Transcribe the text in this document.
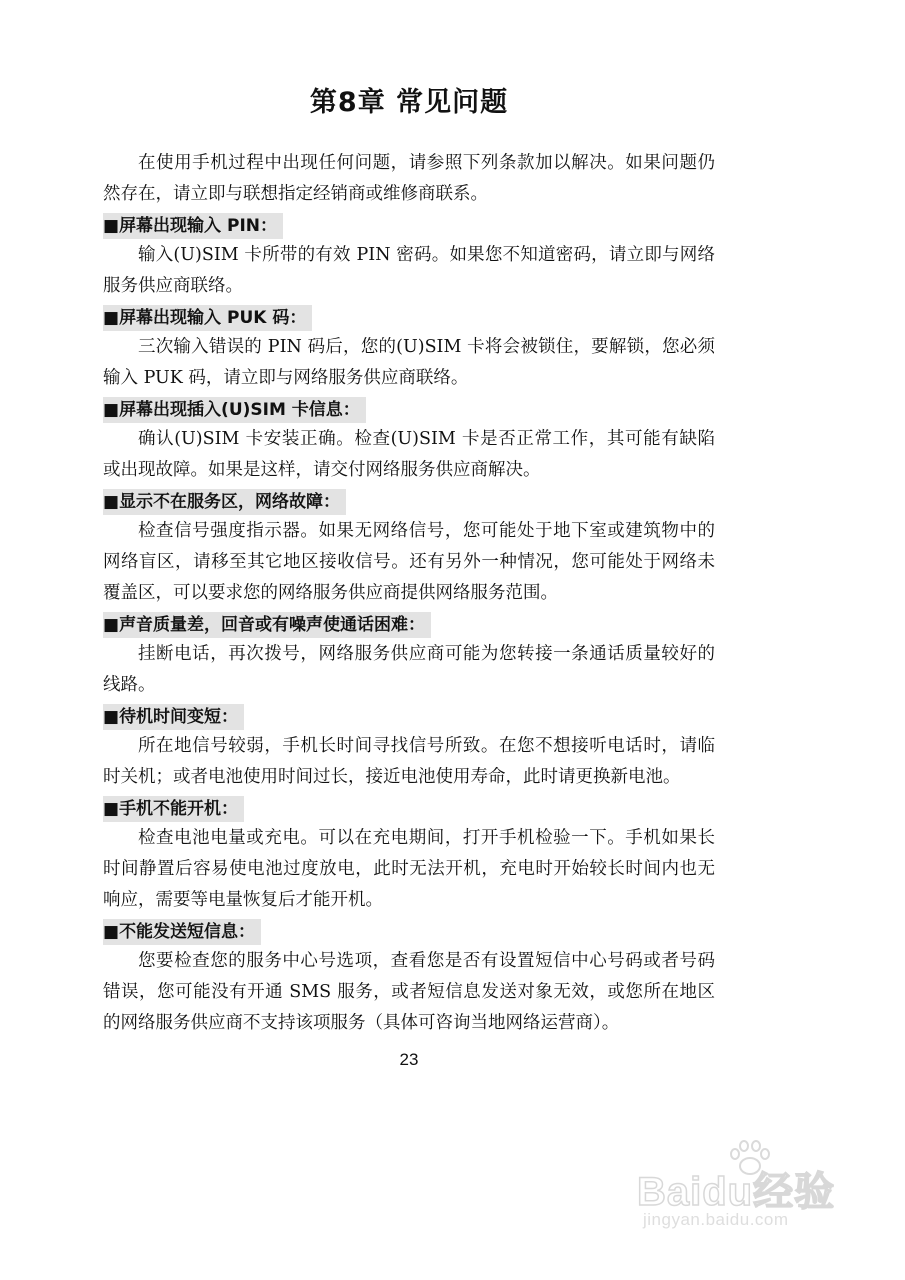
第8章 常见问题

在使用手机过程中出现任何问题，请参照下列条款加以解决。如果问题仍然存在，请立即与联想指定经销商或维修商联系。

■屏幕出现输入 PIN：

输入(U)SIM 卡所带的有效 PIN 密码。如果您不知道密码，请立即与网络服务供应商联络。

■屏幕出现输入 PUK 码：

三次输入错误的 PIN 码后，您的(U)SIM 卡将会被锁住，要解锁，您必须输入 PUK 码，请立即与网络服务供应商联络。

■屏幕出现插入(U)SIM 卡信息：

确认(U)SIM 卡安装正确。检查(U)SIM 卡是否正常工作，其可能有缺陷或出现故障。如果是这样，请交付网络服务供应商解决。

■显示不在服务区，网络故障：

检查信号强度指示器。如果无网络信号，您可能处于地下室或建筑物中的网络盲区，请移至其它地区接收信号。还有另外一种情况，您可能处于网络未覆盖区，可以要求您的网络服务供应商提供网络服务范围。

■声音质量差，回音或有噪声使通话困难：

挂断电话，再次拨号，网络服务供应商可能为您转接一条通话质量较好的线路。

■待机时间变短：

所在地信号较弱，手机长时间寻找信号所致。在您不想接听电话时，请临时关机；或者电池使用时间过长，接近电池使用寿命，此时请更换新电池。

■手机不能开机：

检查电池电量或充电。可以在充电期间，打开手机检验一下。手机如果长时间静置后容易使电池过度放电，此时无法开机，充电时开始较长时间内也无响应，需要等电量恢复后才能开机。

■不能发送短信息：

您要检查您的服务中心号选项，查看您是否有设置短信中心号码或者号码错误，您可能没有开通 SMS 服务，或者短信息发送对象无效，或您所在地区的网络服务供应商不支持该项服务（具体可咨询当地网络运营商）。

23
Baidu经验
jingyan.baidu.com
